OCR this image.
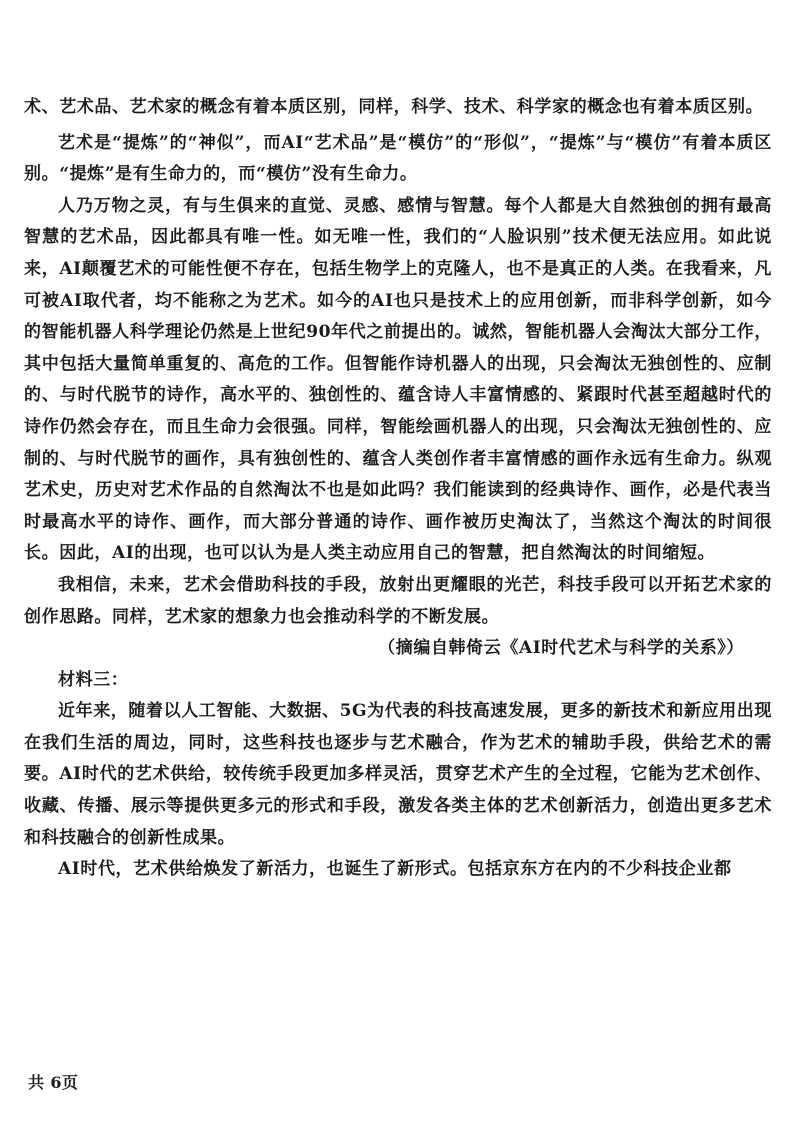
术、艺术品、艺术家的概念有着本质区别，同样，科学、技术、科学家的概念也有着本质区别。

艺术是“提炼”的“神似”，而AI“艺术品”是“模仿”的“形似”，“提炼”与“模仿”有着本质区别。“提炼”是有生命力的，而“模仿”没有生命力。

人乃万物之灵，有与生俱来的直觉、灵感、感情与智慧。每个人都是大自然独创的拥有最高智慧的艺术品，因此都具有唯一性。如无唯一性，我们的“人脸识别”技术便无法应用。如此说来，AI颠覆艺术的可能性便不存在，包括生物学上的克隆人，也不是真正的人类。在我看来，凡可被AI取代者，均不能称之为艺术。如今的AI也只是技术上的应用创新，而非科学创新，如今的智能机器人科学理论仍然是上世纪90年代之前提出的。诚然，智能机器人会淘汰大部分工作，其中包括大量简单重复的、高危的工作。但智能作诗机器人的出现，只会淘汰无独创性的、应制的、与时代脱节的诗作，高水平的、独创性的、蕴含诗人丰富情感的、紧跟时代甚至超越时代的诗作仍然会存在，而且生命力会很强。同样，智能绘画机器人的出现，只会淘汰无独创性的、应制的、与时代脱节的画作，具有独创性的、蕴含人类创作者丰富情感的画作永远有生命力。纵观艺术史，历史对艺术作品的自然淘汰不也是如此吗？我们能读到的经典诗作、画作，必是代表当时最高水平的诗作、画作，而大部分普通的诗作、画作被历史淘汰了，当然这个淘汰的时间很长。因此，AI的出现，也可以认为是人类主动应用自己的智慧，把自然淘汰的时间缩短。

我相信，未来，艺术会借助科技的手段，放射出更耀眼的光芒，科技手段可以开拓艺术家的创作思路。同样，艺术家的想象力也会推动科学的不断发展。

（摘编自韩倚云《AI时代艺术与科学的关系》）

材料三：

近年来，随着以人工智能、大数据、5G为代表的科技高速发展，更多的新技术和新应用出现在我们生活的周边，同时，这些科技也逐步与艺术融合，作为艺术的辅助手段，供给艺术的需要。AI时代的艺术供给，较传统手段更加多样灵活，贯穿艺术产生的全过程，它能为艺术创作、收藏、传播、展示等提供更多元的形式和手段，激发各类主体的艺术创新活力，创造出更多艺术和科技融合的创新性成果。

AI时代，艺术供给焕发了新活力，也诞生了新形式。包括京东方在内的不少科技企业都

共 6页
